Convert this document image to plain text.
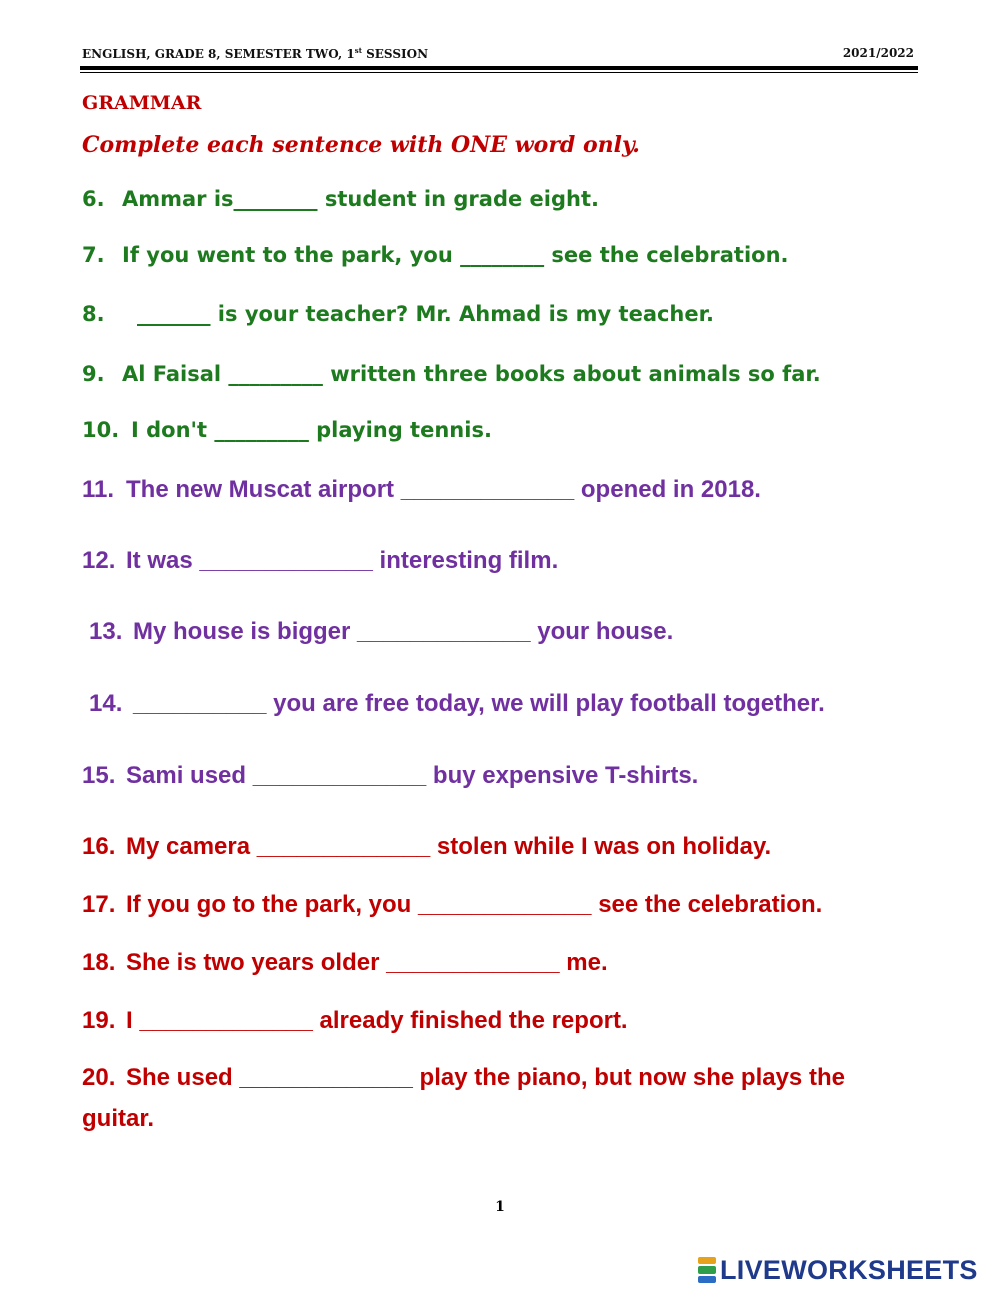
ENGLISH, GRADE 8, SEMESTER TWO, 1st SESSION	2021/2022
GRAMMAR
Complete each sentence with ONE word only.
6. Ammar is________ student in grade eight.
7. If you went to the park, you ________ see the celebration.
8. _______ is your teacher? Mr. Ahmad is my teacher.
9. Al Faisal _________ written three books about animals so far.
10. I don't _________ playing tennis.
11. The new Muscat airport _____________ opened in 2018.
12. It was _____________ interesting film.
13. My house is bigger _____________ your house.
14. __________ you are free today, we will play football together.
15. Sami used _____________ buy expensive T-shirts.
16. My camera _____________ stolen while I was on holiday.
17. If you go to the park, you _____________ see the celebration.
18. She is two years older _____________ me.
19. I _____________ already finished the report.
20. She used _____________ play the piano, but now she plays the
guitar.
1
LIVEWORKSHEETS
